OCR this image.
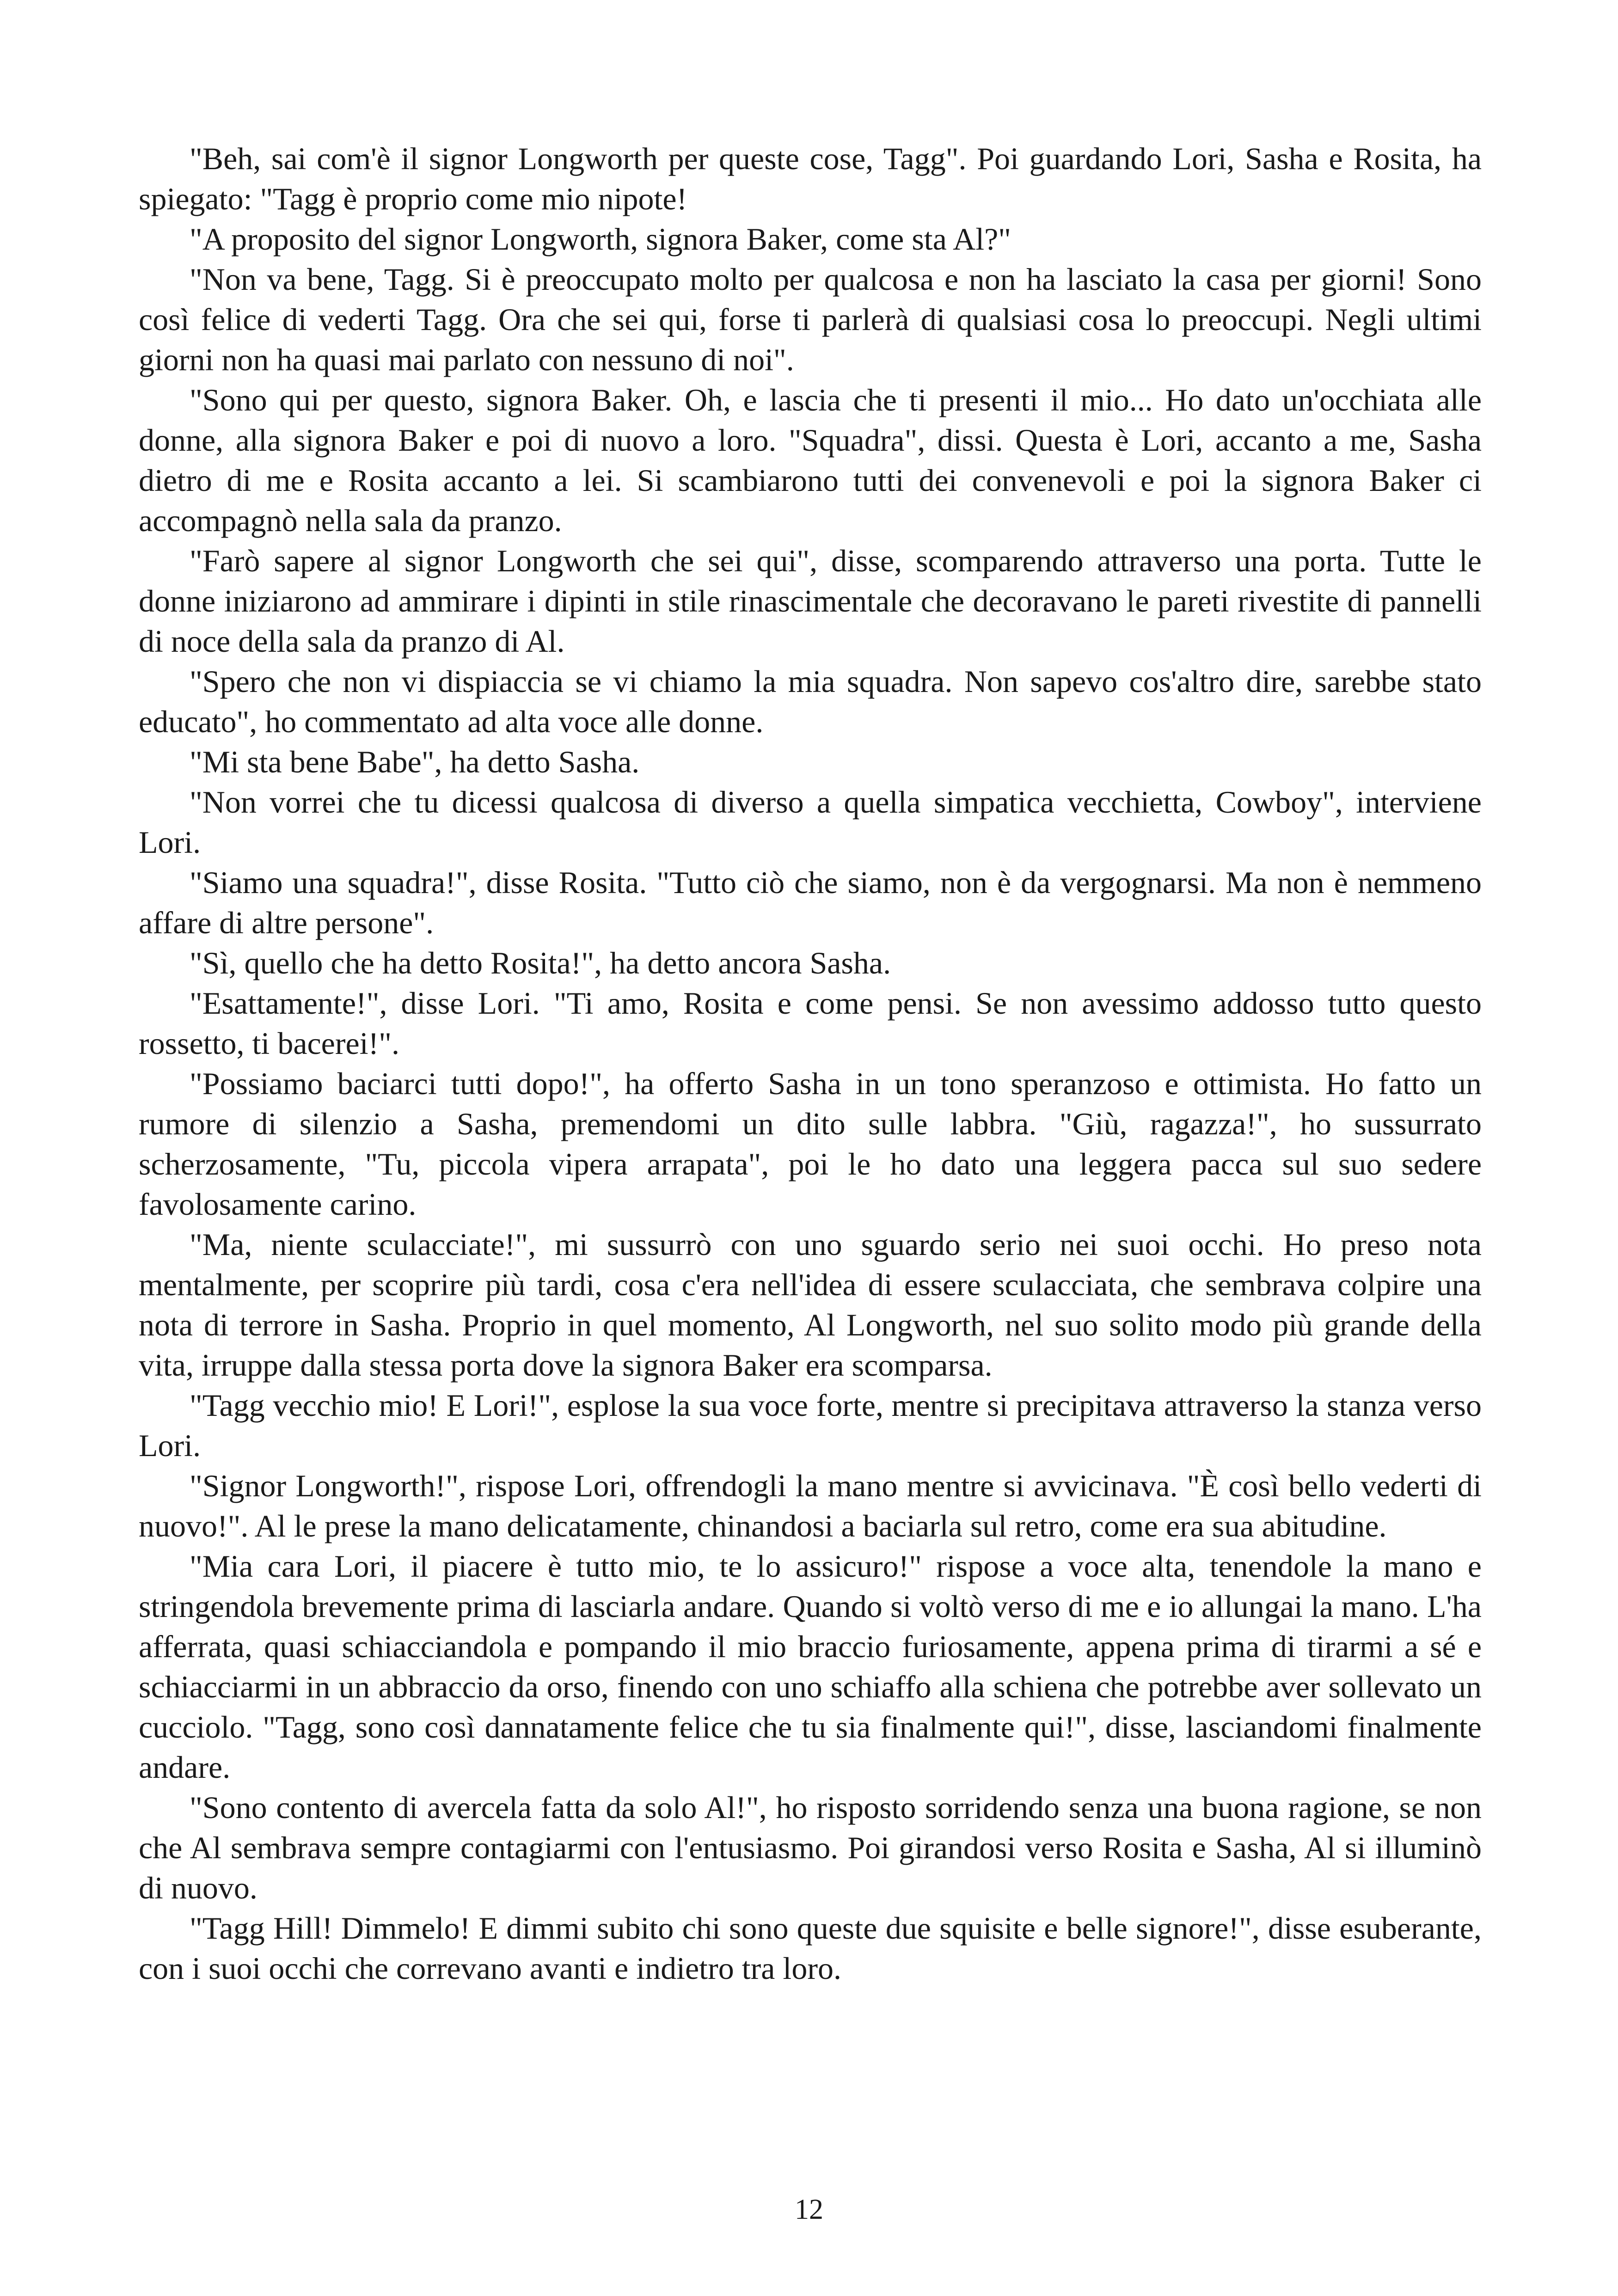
"Beh, sai com'è il signor Longworth per queste cose, Tagg". Poi guardando Lori, Sasha e Rosita, ha spiegato: "Tagg è proprio come mio nipote!

"A proposito del signor Longworth, signora Baker, come sta Al?"

"Non va bene, Tagg. Si è preoccupato molto per qualcosa e non ha lasciato la casa per giorni! Sono così felice di vederti Tagg. Ora che sei qui, forse ti parlerà di qualsiasi cosa lo preoccupi. Negli ultimi giorni non ha quasi mai parlato con nessuno di noi".

"Sono qui per questo, signora Baker. Oh, e lascia che ti presenti il mio... Ho dato un'occhiata alle donne, alla signora Baker e poi di nuovo a loro. "Squadra", dissi. Questa è Lori, accanto a me, Sasha dietro di me e Rosita accanto a lei. Si scambiarono tutti dei convenevoli e poi la signora Baker ci accompagnò nella sala da pranzo.

"Farò sapere al signor Longworth che sei qui", disse, scomparendo attraverso una porta. Tutte le donne iniziarono ad ammirare i dipinti in stile rinascimentale che decoravano le pareti rivestite di pannelli di noce della sala da pranzo di Al.

"Spero che non vi dispiaccia se vi chiamo la mia squadra. Non sapevo cos'altro dire, sarebbe stato educato", ho commentato ad alta voce alle donne.

"Mi sta bene Babe", ha detto Sasha.

"Non vorrei che tu dicessi qualcosa di diverso a quella simpatica vecchietta, Cowboy", interviene Lori.

"Siamo una squadra!", disse Rosita. "Tutto ciò che siamo, non è da vergognarsi. Ma non è nemmeno affare di altre persone".

"Sì, quello che ha detto Rosita!", ha detto ancora Sasha.

"Esattamente!", disse Lori. "Ti amo, Rosita e come pensi. Se non avessimo addosso tutto questo rossetto, ti bacerei!".

"Possiamo baciarci tutti dopo!", ha offerto Sasha in un tono speranzoso e ottimista. Ho fatto un rumore di silenzio a Sasha, premendomi un dito sulle labbra. "Giù, ragazza!", ho sussurrato scherzosamente, "Tu, piccola vipera arrapata", poi le ho dato una leggera pacca sul suo sedere favolosamente carino.

"Ma, niente sculacciate!", mi sussurrò con uno sguardo serio nei suoi occhi. Ho preso nota mentalmente, per scoprire più tardi, cosa c'era nell'idea di essere sculacciata, che sembrava colpire una nota di terrore in Sasha. Proprio in quel momento, Al Longworth, nel suo solito modo più grande della vita, irruppe dalla stessa porta dove la signora Baker era scomparsa.

"Tagg vecchio mio! E Lori!", esplose la sua voce forte, mentre si precipitava attraverso la stanza verso Lori.

"Signor Longworth!", rispose Lori, offrendogli la mano mentre si avvicinava. "È così bello vederti di nuovo!". Al le prese la mano delicatamente, chinandosi a baciarla sul retro, come era sua abitudine.

"Mia cara Lori, il piacere è tutto mio, te lo assicuro!" rispose a voce alta, tenendole la mano e stringendola brevemente prima di lasciarla andare. Quando si voltò verso di me e io allungai la mano. L'ha afferrata, quasi schiacciandola e pompando il mio braccio furiosamente, appena prima di tirarmi a sé e schiacciarmi in un abbraccio da orso, finendo con uno schiaffo alla schiena che potrebbe aver sollevato un cucciolo. "Tagg, sono così dannatamente felice che tu sia finalmente qui!", disse, lasciandomi finalmente andare.

"Sono contento di avercela fatta da solo Al!", ho risposto sorridendo senza una buona ragione, se non che Al sembrava sempre contagiarmi con l'entusiasmo. Poi girandosi verso Rosita e Sasha, Al si illuminò di nuovo.

"Tagg Hill! Dimmelo! E dimmi subito chi sono queste due squisite e belle signore!", disse esuberante, con i suoi occhi che correvano avanti e indietro tra loro.

12
